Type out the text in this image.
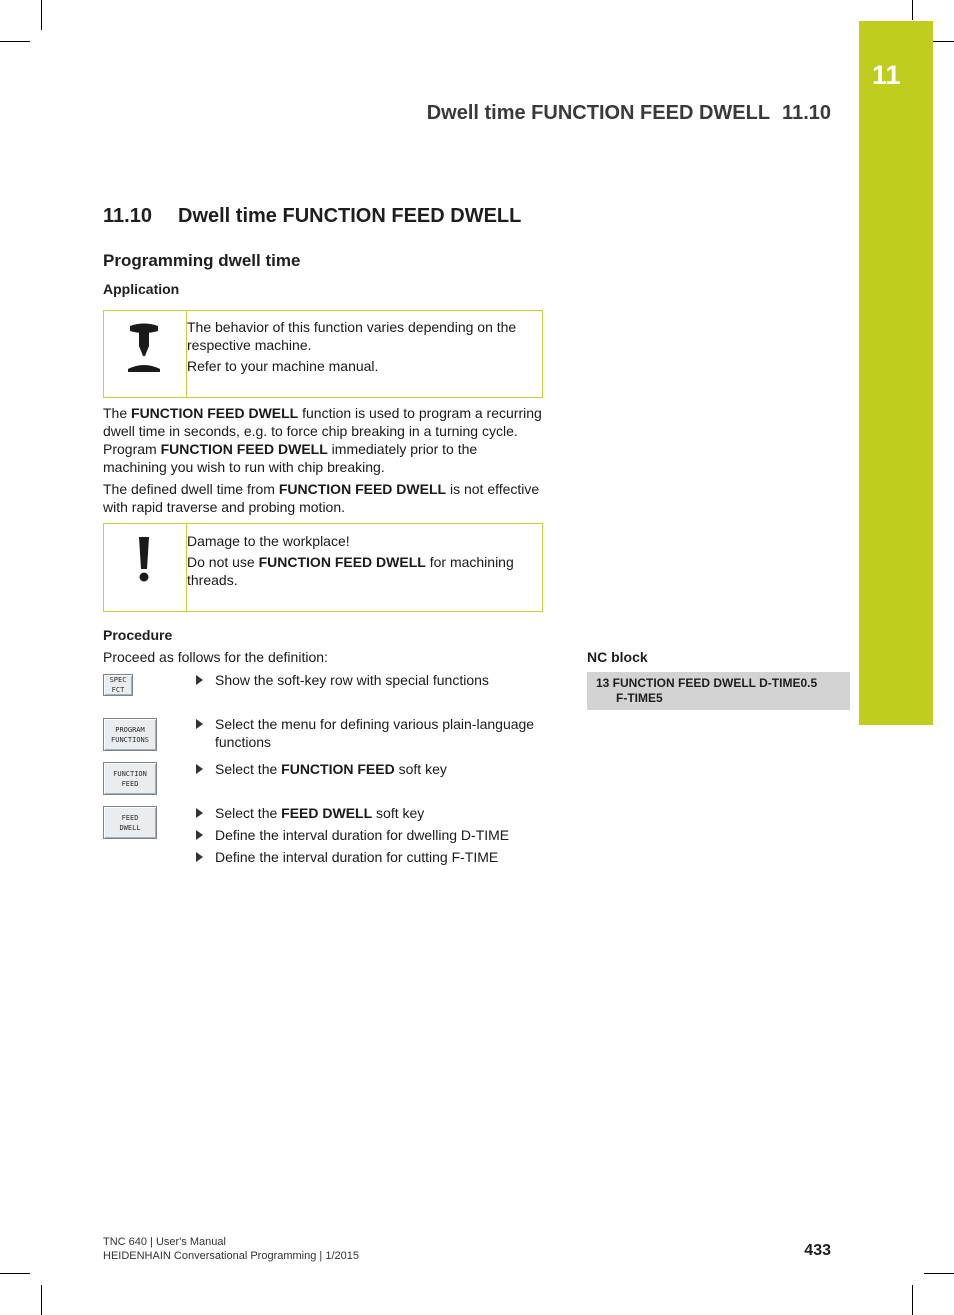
11
Dwell time FUNCTION FEED DWELL 11.10
11.10 Dwell time FUNCTION FEED DWELL
Programming dwell time
Application

The behavior of this function varies depending on the respective machine.

Refer to your machine manual.

The FUNCTION FEED DWELL function is used to program a recurring dwell time in seconds, e.g. to force chip breaking in a turning cycle. Program FUNCTION FEED DWELL immediately prior to the machining you wish to run with chip breaking.

The defined dwell time from FUNCTION FEED DWELL is not effective with rapid traverse and probing motion.

Damage to the workplace!

Do not use FUNCTION FEED DWELL for machining threads.

Procedure
Proceed as follows for the definition:
SPEC
FCT
Show the soft-key row with special functions
PROGRAM
FUNCTIONS
Select the menu for defining various plain-language functions
FUNCTION
FEED
Select the FUNCTION FEED soft key
FEED
DWELL
Select the FEED DWELL soft key
Define the interval duration for dwelling D-TIME
Define the interval duration for cutting F-TIME
NC block
13 FUNCTION FEED DWELL D-TIME0.5
F-TIME5
TNC 640 | User's Manual
HEIDENHAIN Conversational Programming | 1/2015	433
